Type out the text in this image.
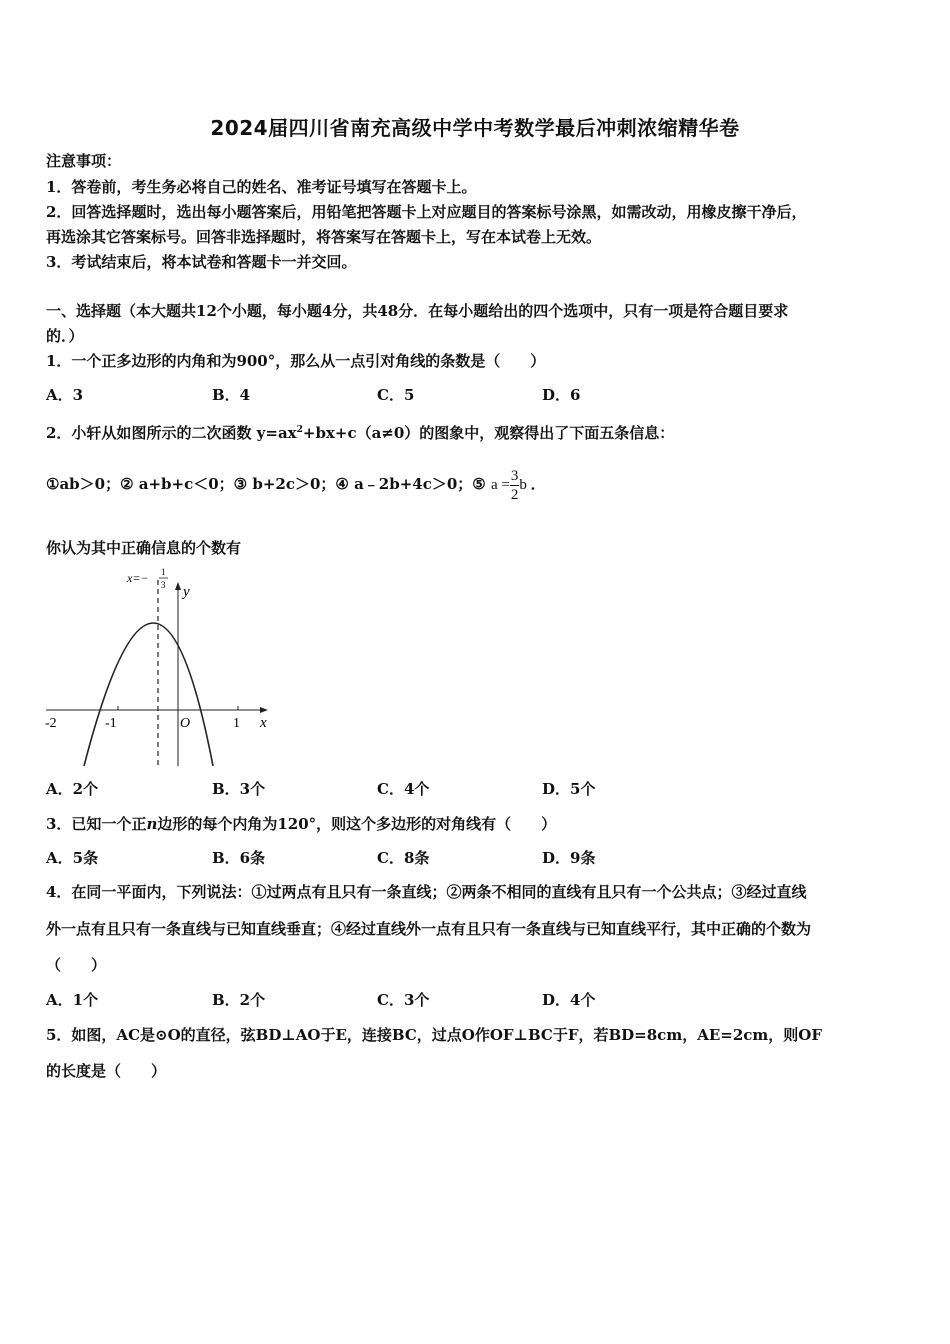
2024届四川省南充高级中学中考数学最后冲刺浓缩精华卷
注意事项：
1．答卷前，考生务必将自己的姓名、准考证号填写在答题卡上。
2．回答选择题时，选出每小题答案后，用铅笔把答题卡上对应题目的答案标号涂黑，如需改动，用橡皮擦干净后，
再选涂其它答案标号。回答非选择题时，将答案写在答题卡上，写在本试卷上无效。
3．考试结束后，将本试卷和答题卡一并交回。
一、选择题（本大题共12个小题，每小题4分，共48分．在每小题给出的四个选项中，只有一项是符合题目要求
的．）
1．一个正多边形的内角和为900°，那么从一点引对角线的条数是（　　）
A．3	B．4	C．5	D．6
2．小轩从如图所示的二次函数 $y=ax^2+bx+c(a\ne 0)$的图象中，观察得出了下面五条信息：
①ab＞0；② a+b+c＜0；③ b+2c＞0；④ a﹣2b+4c＞0；⑤ $a = \frac{3}{2}$ b ．
你认为其中正确信息的个数有
-2	-1	1
O	x
y
x=− 1
3
A．2个	B．3个	C．4个	D．5个
3．已知一个正n边形的每个内角为120°，则这个多边形的对角线有（　　）
A．5条	B．6条	C．8条	D．9条
4．在同一平面内，下列说法：①过两点有且只有一条直线；②两条不相同的直线有且只有一个公共点；③经过直线
外一点有且只有一条直线与已知直线垂直；④经过直线外一点有且只有一条直线与已知直线平行，其中正确的个数为
（　　）
A．1个	B．2个	C．3个	D．4个
5．如图，AC是⊙O的直径，弦BD⊥AO于E，连接BC，过点O作OF⊥BC于F，若BD=8cm，AE=2cm，则OF
的长度是（　　）
